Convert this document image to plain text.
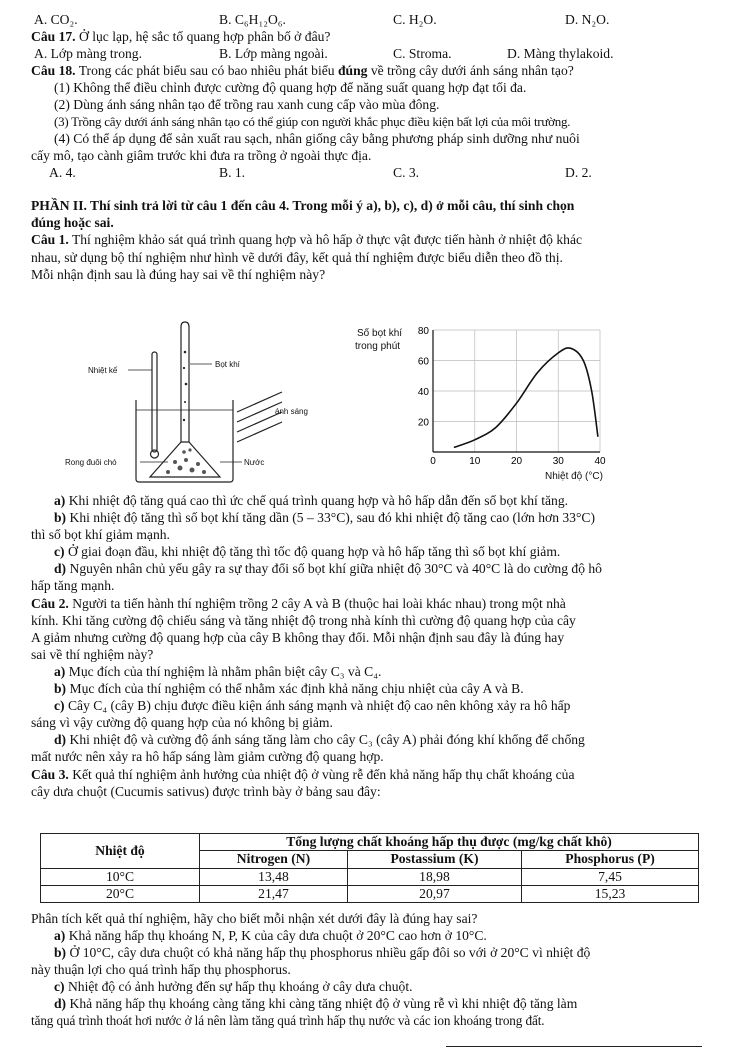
A. CO₂.	B. C₆H₁₂O₆.	C. H₂O.	D. N₂O.
Câu 17. Ở lục lạp, hệ sắc tố quang hợp phân bố ở đâu?
A. Lớp màng trong.	B. Lớp màng ngoài.	C. Stroma.	D. Màng thylakoid.
Câu 18. Trong các phát biểu sau có bao nhiêu phát biểu đúng về trồng cây dưới ánh sáng nhân tạo?
(1) Không thể điều chỉnh được cường độ quang hợp để năng suất quang hợp đạt tối đa.
(2) Dùng ánh sáng nhân tạo để trồng rau xanh cung cấp vào mùa đông.
(3) Trồng cây dưới ánh sáng nhân tạo có thể giúp con người khắc phục điều kiện bất lợi của môi trường.
(4) Có thể áp dụng để sản xuất rau sạch, nhân giống cây bằng phương pháp sinh dưỡng như nuôi
cấy mô, tạo cành giâm trước khi đưa ra trồng ở ngoài thực địa.
A. 4.	B. 1.	C. 3.	D. 2.
PHẦN II. Thí sinh trả lời từ câu 1 đến câu 4. Trong mỗi ý a), b), c), d) ở mỗi câu, thí sinh chọn
đúng hoặc sai.
Câu 1. Thí nghiệm khảo sát quá trình quang hợp và hô hấp ở thực vật được tiến hành ở nhiệt độ khác
nhau, sử dụng bộ thí nghiệm như hình vẽ dưới đây, kết quả thí nghiệm được biểu diễn theo đồ thị.
Mỗi nhận định sau là đúng hay sai về thí nghiệm này?
Nhiệt kế
Bọt khí
ánh sáng
Rong đuôi chó	Nước
Số bọt khí
trong phút
Nhiệt độ (°C)
0	10	20	30	40
20
40
60
80
a) Khi nhiệt độ tăng quá cao thì ức chế quá trình quang hợp và hô hấp dẫn đến số bọt khí tăng.
b) Khi nhiệt độ tăng thì số bọt khí tăng dần (5 – 33°C), sau đó khi nhiệt độ tăng cao (lớn hơn 33°C)
thì số bọt khí giảm mạnh.
c) Ở giai đoạn đầu, khi nhiệt độ tăng thì tốc độ quang hợp và hô hấp tăng thì số bọt khí giảm.
d) Nguyên nhân chủ yếu gây ra sự thay đổi số bọt khí giữa nhiệt độ 30°C và 40°C là do cường độ hô
hấp tăng mạnh.
Câu 2. Người ta tiến hành thí nghiệm trồng 2 cây A và B (thuộc hai loài khác nhau) trong một nhà
kính. Khi tăng cường độ chiếu sáng và tăng nhiệt độ trong nhà kính thì cường độ quang hợp của cây
A giảm nhưng cường độ quang hợp của cây B không thay đổi. Mỗi nhận định sau đây là đúng hay
sai về thí nghiệm này?
a) Mục đích của thí nghiệm là nhằm phân biệt cây C₃ và C₄.
b) Mục đích của thí nghiệm có thể nhằm xác định khả năng chịu nhiệt của cây A và B.
c) Cây C₄ (cây B) chịu được điều kiện ánh sáng mạnh và nhiệt độ cao nên không xảy ra hô hấp
sáng vì vậy cường độ quang hợp của nó không bị giảm.
d) Khi nhiệt độ và cường độ ánh sáng tăng làm cho cây C₃ (cây A) phải đóng khí khổng để chống
mất nước nên xảy ra hô hấp sáng làm giảm cường độ quang hợp.
Câu 3. Kết quả thí nghiệm ảnh hưởng của nhiệt độ ở vùng rễ đến khả năng hấp thụ chất khoáng của
cây dưa chuột (Cucumis sativus) được trình bày ở bảng sau đây:
Nhiệt độ	Tổng lượng chất khoáng hấp thụ được (mg/kg chất khô)		
	Nitrogen (N)	Postassium (K)	Phosphorus (P)
10°C	13,48	18,98	7,45
20°C	21,47	20,97	15,23
Phân tích kết quả thí nghiệm, hãy cho biết mỗi nhận xét dưới đây là đúng hay sai?
a) Khả năng hấp thụ khoáng N, P, K của cây dưa chuột ở 20°C cao hơn ở 10°C.
b) Ở 10°C, cây dưa chuột có khả năng hấp thụ phosphorus nhiều gấp đôi so với ở 20°C vì nhiệt độ
này thuận lợi cho quá trình hấp thụ phosphorus.
c) Nhiệt độ có ảnh hưởng đến sự hấp thụ khoáng ở cây dưa chuột.
d) Khả năng hấp thụ khoáng càng tăng khi càng tăng nhiệt độ ở vùng rễ vì khi nhiệt độ tăng làm
tăng quá trình thoát hơi nước ở lá nên làm tăng quá trình hấp thụ nước và các ion khoáng trong đất.
